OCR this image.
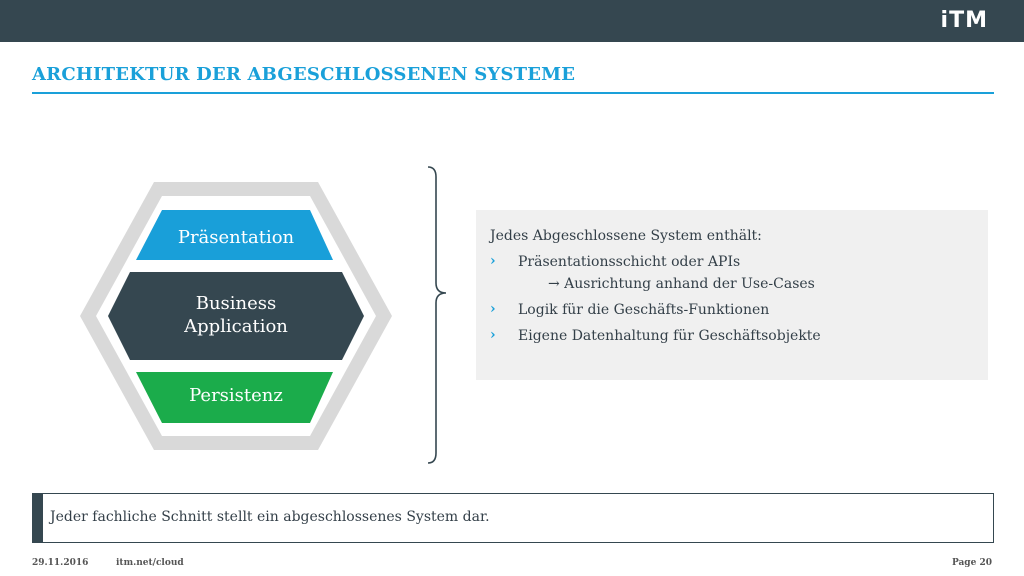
iTM
ARCHITEKTUR DER ABGESCHLOSSENEN SYSTEME
Präsentation
Business
Application
Persistenz
Jedes Abgeschlossene System enthält:
› Präsentationsschicht oder APIs
→ Ausrichtung anhand der Use-Cases
› Logik für die Geschäfts-Funktionen
› Eigene Datenhaltung für Geschäftsobjekte
Jeder fachliche Schnitt stellt ein abgeschlossenes System dar.
29.11.2016	itm.net/cloud	Page 20
